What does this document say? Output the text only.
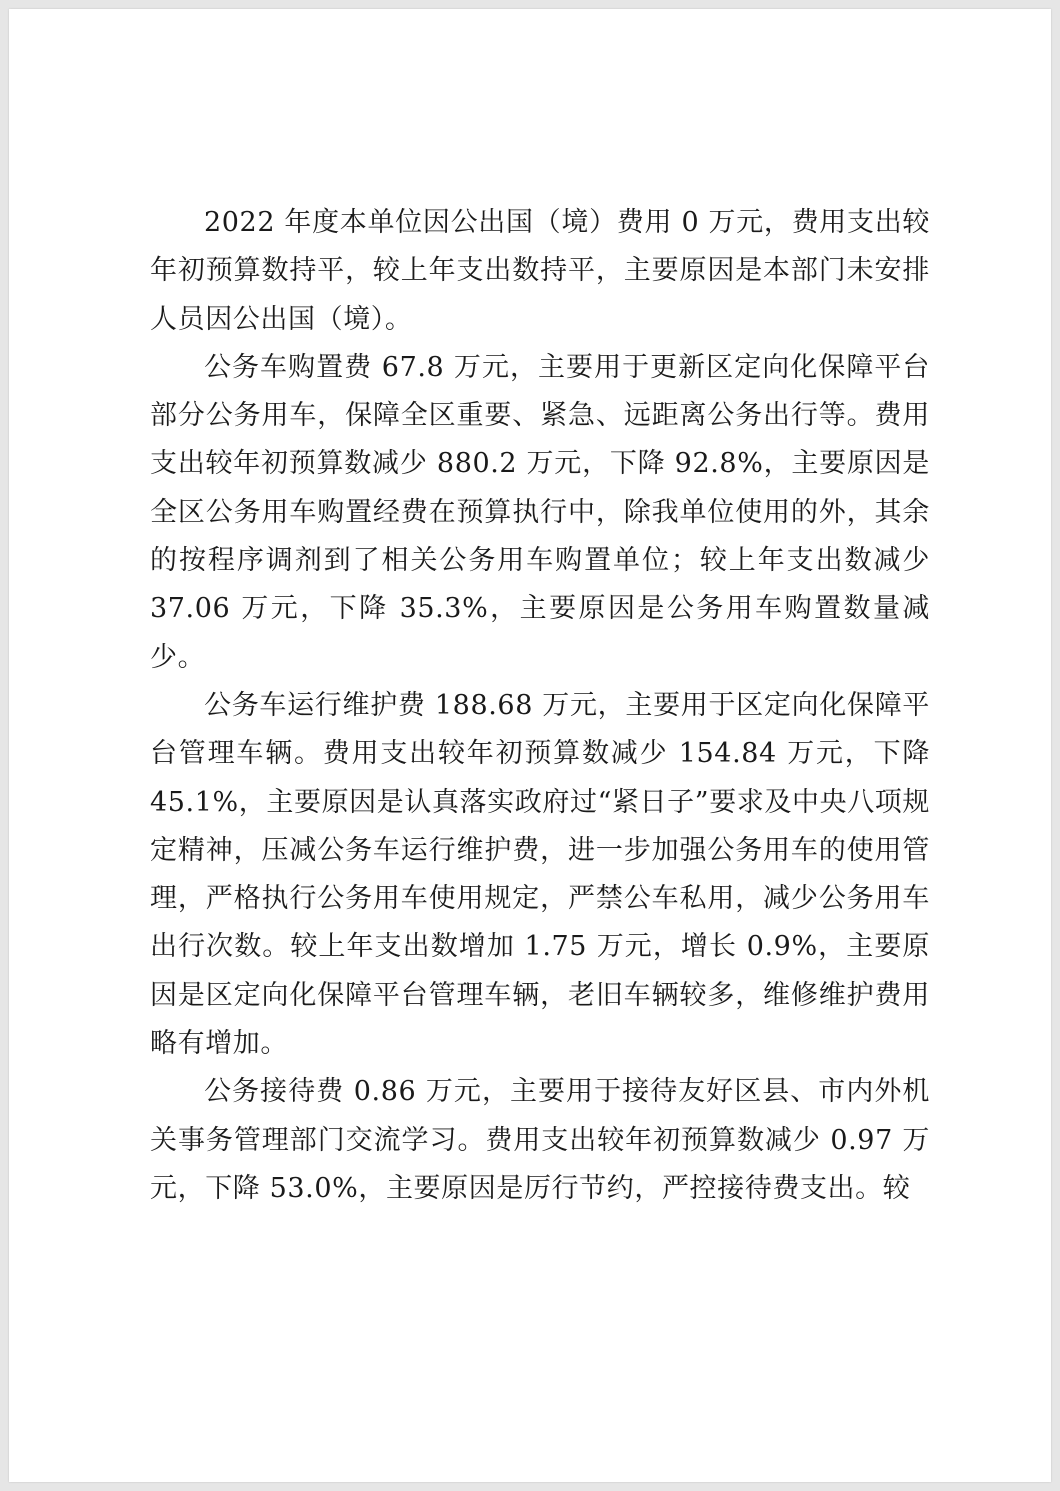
2022 年度本单位因公出国（境）费用 0 万元，费用支出较年初预算数持平，较上年支出数持平，主要原因是本部门未安排人员因公出国（境）。

公务车购置费 67.8 万元，主要用于更新区定向化保障平台部分公务用车，保障全区重要、紧急、远距离公务出行等。费用支出较年初预算数减少 880.2 万元，下降 92.8%，主要原因是全区公务用车购置经费在预算执行中，除我单位使用的外，其余的按程序调剂到了相关公务用车购置单位；较上年支出数减少 37.06 万元，下降 35.3%，主要原因是公务用车购置数量减少。

公务车运行维护费 188.68 万元，主要用于区定向化保障平台管理车辆。费用支出较年初预算数减少 154.84 万元，下降 45.1%，主要原因是认真落实政府过“紧日子”要求及中央八项规定精神，压减公务车运行维护费，进一步加强公务用车的使用管理，严格执行公务用车使用规定，严禁公车私用，减少公务用车出行次数。较上年支出数增加 1.75 万元，增长 0.9%，主要原因是区定向化保障平台管理车辆，老旧车辆较多，维修维护费用略有增加。

公务接待费 0.86 万元，主要用于接待友好区县、市内外机关事务管理部门交流学习。费用支出较年初预算数减少 0.97 万元，下降 53.0%，主要原因是厉行节约，严控接待费支出。较
